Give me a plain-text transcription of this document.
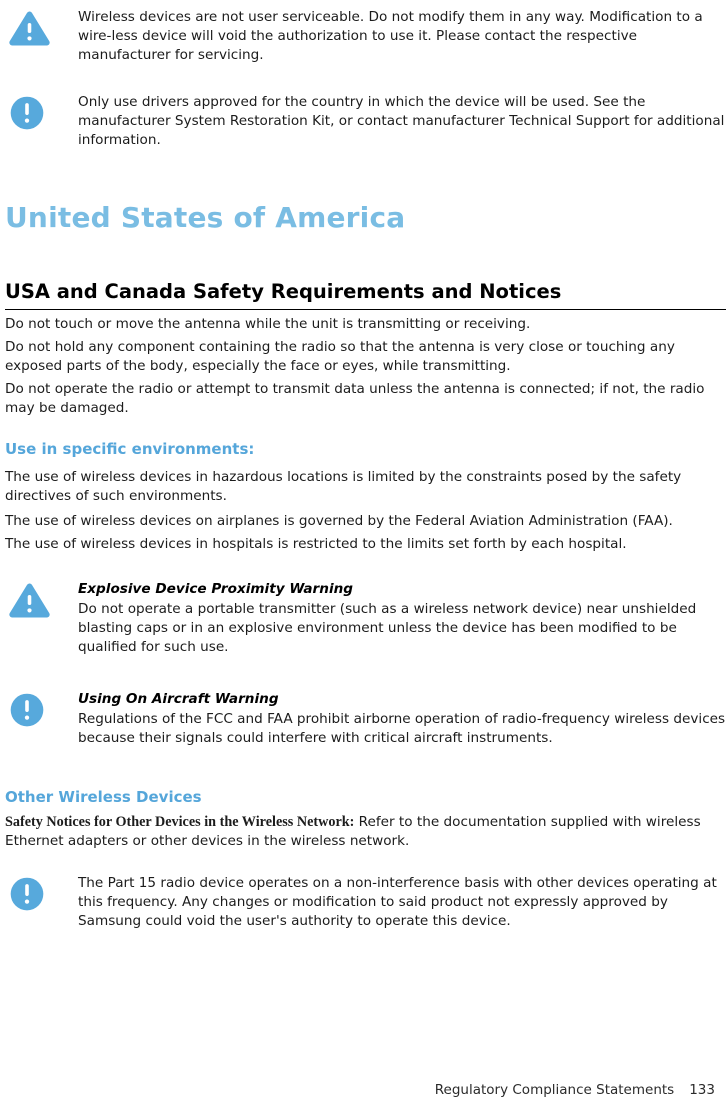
Wireless devices are not user serviceable. Do not modify them in any way. Modification to a wire-less device will void the authorization to use it. Please contact the respective manufacturer for servicing.

Only use drivers approved for the country in which the device will be used. See the manufacturer System Restoration Kit, or contact manufacturer Technical Support for additional information.

United States of America
USA and Canada Safety Requirements and Notices

Do not touch or move the antenna while the unit is transmitting or receiving.

Do not hold any component containing the radio so that the antenna is very close or touching any exposed parts of the body, especially the face or eyes, while transmitting.

Do not operate the radio or attempt to transmit data unless the antenna is connected; if not, the radio may be damaged.

Use in specific environments:

The use of wireless devices in hazardous locations is limited by the constraints posed by the safety directives of such environments.

The use of wireless devices on airplanes is governed by the Federal Aviation Administration (FAA).

The use of wireless devices in hospitals is restricted to the limits set forth by each hospital.

Explosive Device Proximity Warning

Do not operate a portable transmitter (such as a wireless network device) near unshielded blasting caps or in an explosive environment unless the device has been modified to be qualified for such use.

Using On Aircraft Warning

Regulations of the FCC and FAA prohibit airborne operation of radio-frequency wireless devices because their signals could interfere with critical aircraft instruments.

Other Wireless Devices

Safety Notices for Other Devices in the Wireless Network: Refer to the documentation supplied with wireless Ethernet adapters or other devices in the wireless network.

The Part 15 radio device operates on a non-interference basis with other devices operating at this frequency. Any changes or modification to said product not expressly approved by Samsung could void the user's authority to operate this device.

Regulatory Compliance Statements 133
